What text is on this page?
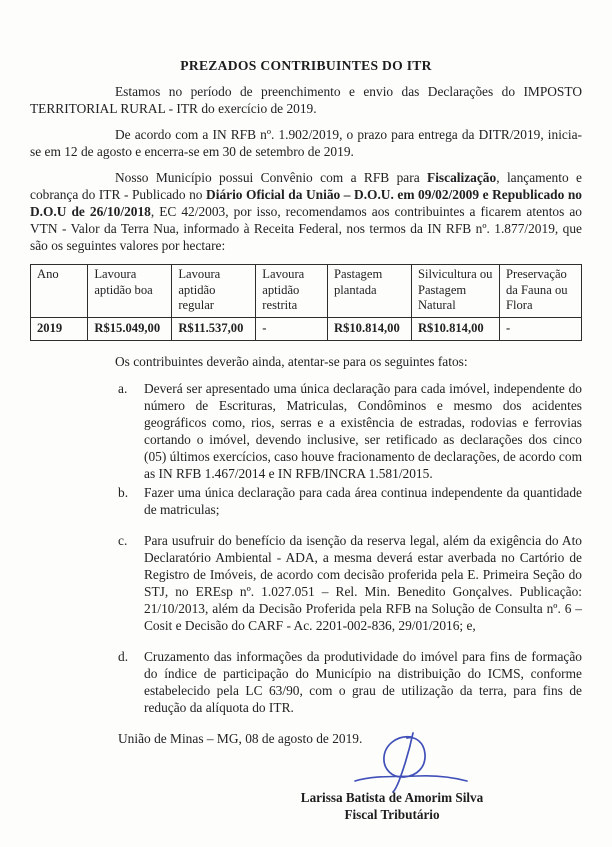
PREZADOS CONTRIBUINTES DO ITR

Estamos no período de preenchimento e envio das Declarações do IMPOSTO TERRITORIAL RURAL - ITR do exercício de 2019.

De acordo com a IN RFB nº. 1.902/2019, o prazo para entrega da DITR/2019, inicia-se em 12 de agosto e encerra-se em 30 de setembro de 2019.

Nosso Município possui Convênio com a RFB para Fiscalização, lançamento e cobrança do ITR - Publicado no Diário Oficial da União – D.O.U. em 09/02/2009 e Republicado no D.O.U de 26/10/2018, EC 42/2003, por isso, recomendamos aos contribuintes a ficarem atentos ao VTN - Valor da Terra Nua, informado à Receita Federal, nos termos da IN RFB nº. 1.877/2019, que são os seguintes valores por hectare:

Ano	Lavoura aptidão boa	Lavoura aptidão regular	Lavoura aptidão restrita	Pastagem plantada	Silvicultura ou Pastagem Natural	Preservação da Fauna ou Flora
2019	R$15.049,00	R$11.537,00	-	R$10.814,00	R$10.814,00	-

Os contribuintes deverão ainda, atentar-se para os seguintes fatos:

a.	Deverá ser apresentado uma única declaração para cada imóvel, independente do número de Escrituras, Matriculas, Condôminos e mesmo dos acidentes geográficos como, rios, serras e a existência de estradas, rodovias e ferrovias cortando o imóvel, devendo inclusive, ser retificado as declarações dos cinco (05) últimos exercícios, caso houve fracionamento de declarações, de acordo com as IN RFB 1.467/2014 e IN RFB/INCRA 1.581/2015.
b.	Fazer uma única declaração para cada área continua independente da quantidade de matriculas;
c.	Para usufruir do benefício da isenção da reserva legal, além da exigência do Ato Declaratório Ambiental - ADA, a mesma deverá estar averbada no Cartório de Registro de Imóveis, de acordo com decisão proferida pela E. Primeira Seção do STJ, no EREsp nº. 1.027.051 – Rel. Min. Benedito Gonçalves. Publicação: 21/10/2013, além da Decisão Proferida pela RFB na Solução de Consulta nº. 6 – Cosit e Decisão do CARF - Ac. 2201-002-836, 29/01/2016; e,
d.	Cruzamento das informações da produtividade do imóvel para fins de formação do índice de participação do Município na distribuição do ICMS, conforme estabelecido pela LC 63/90, com o grau de utilização da terra, para fins de redução da alíquota do ITR.

União de Minas – MG, 08 de agosto de 2019.

Larissa Batista de Amorim Silva
Fiscal Tributário
